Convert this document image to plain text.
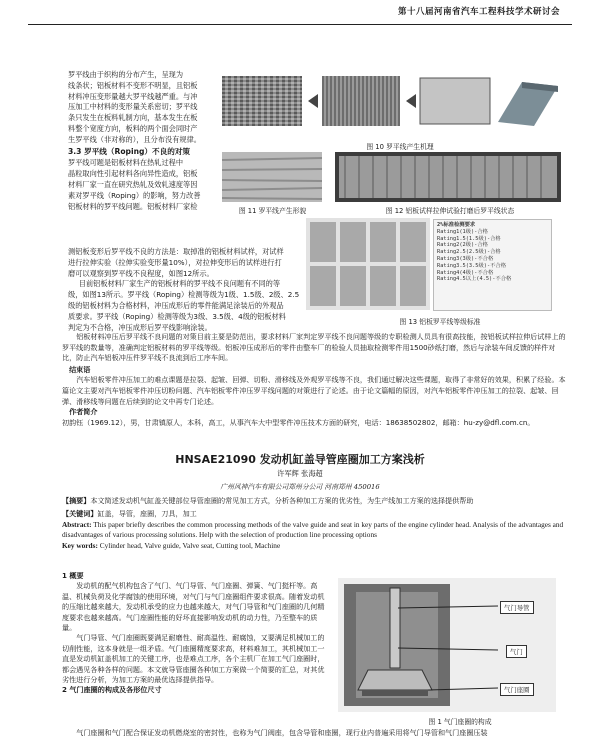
第十八届河南省汽车工程科技学术研讨会

罗平线由于织构的分布产生，呈现为

线条状；铝板材料不变形不明显，且铝板

材料冲压变形量越大罗平线越严重。与冲

压加工中材料的变形量关系密切；罗平线

条只发生在板料轧制方向，基本发生在板

料整个宽度方向，板料的两个面会同时产

生罗平线（非对称的），且分布没有规律。

3.3 罗平线（Roping）不良的对策

罗平线可题是铝板材料在热轧过程中

晶粒取向性引起材料各向异性造成，铝板

材料厂家一直在研究热轧及效轧速度等因

素对罗平线（Roping）的影响，努力改善

铝板材料的罗平线问题。铝板材料厂家检

测铝板变形后罗平线不良的方法是：取掉准的铝板材料试样，对试样
进行拉伸实验（拉伸实验变形量10%），对拉伸变形后的试样进行打
磨可以观察到罗平线不良程度，如图12所示。
目前铝板材料厂家生产的铝板材料的罗平线不良问题有不同的等
级，如图13所示。罗平线（Roping）检测等级为1级、1.5级、2级、2.5
级的铝板材料为合格材料，冲压成形后的零件能满足涂装后的外观品
质要求。罗平线（Roping）检测等级为3级、3.5级、4级的铝板材料
判定为不合格，冲压成形后罗平线影响涂装。
图 10 罗平线产生机理
图 11 罗平线产生形貌	图 12 铝板试样拉伸试验打磨后罗平线状态
2%标准检测要求
Rating1(1级)-合格
Rating1.5(1.5级)-合格
Rating2(2级)-合格
Rating2.5(2.5级)-合格
Rating3(3级)-不合格
Rating3.5(3.5级)-不合格
Rating4(4级)-不合格
Rating4.5以上(4.5)-不合格
图 13 铝板罗平线等级标准

铝板材料冲压后罗平线不良问题的对策目前主要是防范出，要求材料厂家判定罗平线不良问题等级的专职检测人员具有很高技能，按铝板试样拉伸后试样上的罗平线的数量等，准确判定铝板材料的罗平线等级。铝板冲压成形后的零件由整车厂的检验人员抽取检测零件用1500砂纸打磨，然后与涂装车间反馈的样件对比，防止汽车铝板冲压件罗平线不良流到后工序车间。

结束语

汽车铝板零件冲压加工的难点课题是拉裂、起皱、回弹、切粉、滑移线及外观罗平线等不良，我们通过解决这些课题，取得了非常好的效果，积累了经验。本篇论文主要对汽车铝板零件冲压切粉问题、汽车铝板零件冲压罗平线问题的对策进行了论述。由于论文篇幅的原因，对汽车铝板零件冲压加工的拉裂、起皱、回弹、滑移线等问题在后续到的论文中再专门论述。

作者简介
初韵钰（1969.12），男，甘肃镇原人，本科，高工，从事汽车大中型零件冲压技术方面的研究，电话：18638502802，邮箱：hu-zy@dfl.com.cn。
HNSAE21090 发动机缸盖导管座圈加工方案浅析
许军辉 张海超
广州风神汽车有限公司郑州分公司 河南郑州 450016
【摘要】本文简述发动机气缸盖关键部位导管座圈的常见加工方式，分析各种加工方案的优劣性，为生产线加工方案的选择提供帮助
【关键词】缸盖，导管，座圈，刀具，加工
Abstract: This paper briefly describes the common processing methods of the valve guide and seat in key parts of the engine cylinder head. Analysis of the advantages and disadvantages of various processing solutions. Help with the selection of production line processing options
Key words: Cylinder head, Valve guide, Valve seat, Cutting tool, Machine
1 概要
发动机的配气机构包含了气门、气门导管、气门座圈、弹簧、气门挺杆等。高温、机械负荷及化学腐蚀的使用环境，对气门与气门座圈组件要求很高。随着发动机的压缩比越来越大，发动机承受的应力也越来越大，对气门导管和气门座圈的几何精度要求也越来越高。气门座圈性能的好坏直接影响发动机的动力性，乃至整车的质量。
气门导管、气门座圈既要满足耐磨性、耐高温性、耐腐蚀，又要满足机械加工的切削性能，这本身就是一组矛盾。气门座圈精度要求高，材料难加工，其机械加工一直是发动机缸盖机加工的关键工序，也是难点工序，各个主机厂在加工气门座圈时，都会遇见各种各样的问题。本文就导管座圈各种加工方案做一个简要的汇总，对其优劣性进行分析，为加工方案的最优选择提供指导。
2 气门座圈的构成及各形位尺寸
气门导管
气门
气门座圈
图 1 气门座圈的构成
气门座圈和气门配合保证发动机燃烧室的密封性，也称为气门阀座，包含导管和座圈，现行业内普遍采用将气门导管和气门座圈压装
